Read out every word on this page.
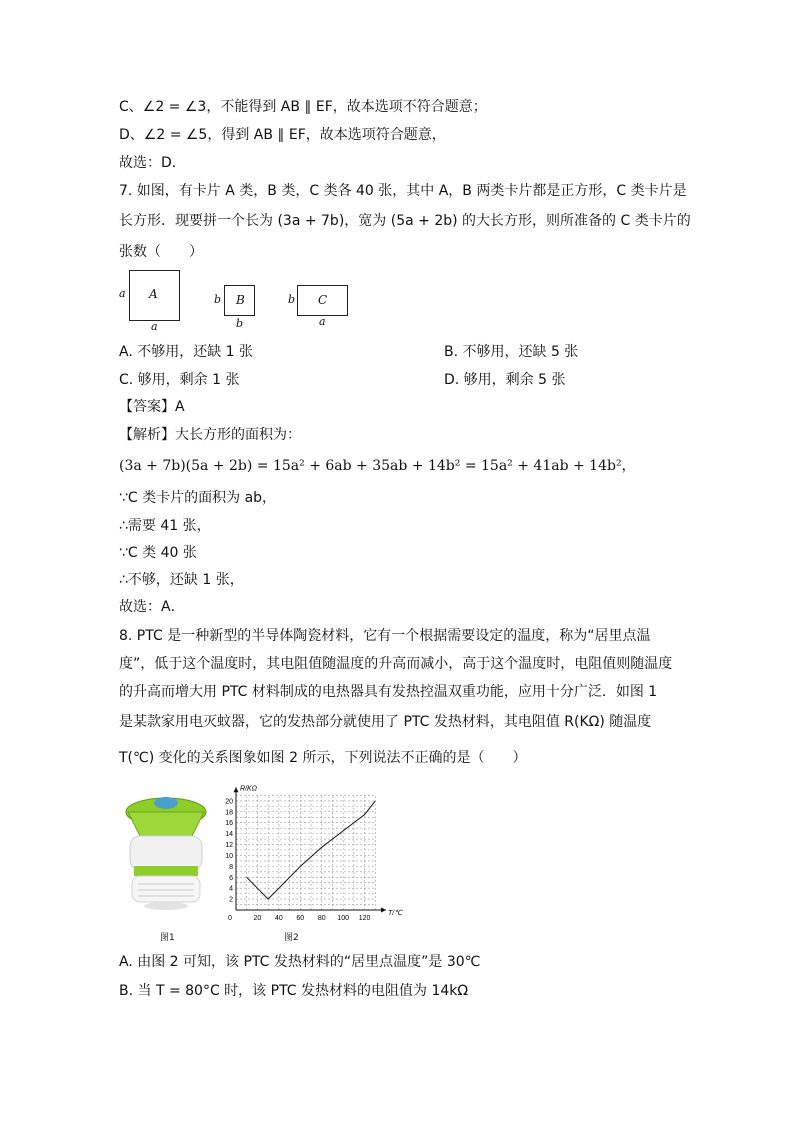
C、∠2 = ∠3，不能得到 AB ∥ EF，故本选项不符合题意；
D、∠2 = ∠5，得到 AB ∥ EF，故本选项符合题意，
故选：D．
7. 如图，有卡片 A 类，B 类，C 类各 40 张，其中 A，B 两类卡片都是正方形，C 类卡片是
长方形．现要拼一个长为 (3a + 7b)，宽为 (5a + 2b) 的大长方形，则所准备的 C 类卡片的
张数（　　）
a A
a
b B
b
b C
a
A. 不够用，还缺 1 张	B. 不够用，还缺 5 张
C. 够用，剩余 1 张	D. 够用，剩余 5 张
【答案】A
【解析】大长方形的面积为：
(3a + 7b)(5a + 2b) = 15a² + 6ab + 35ab + 14b² = 15a² + 41ab + 14b²，
∵C 类卡片的面积为 ab，
∴需要 41 张，
∵C 类 40 张
∴不够，还缺 1 张，
故选：A．
8. PTC 是一种新型的半导体陶瓷材料，它有一个根据需要设定的温度，称为“居里点温
度”，低于这个温度时，其电阻值随温度的升高而减小，高于这个温度时，电阻值则随温度
的升高而增大用 PTC 材料制成的电热器具有发热控温双重功能，应用十分广泛．如图 1
是某款家用电灭蚊器，它的发热部分就使用了 PTC 发热材料，其电阻值 R(KΩ) 随温度
T(℃) 变化的关系图象如图 2 所示，下列说法不正确的是（　　）
图1
0	20 40 60 80 100 120
2
4
6
8
10
12
14
16
18
20
T/℃
R/KΩ
图2
A. 由图 2 可知，该 PTC 发热材料的“居里点温度”是 30℃
B. 当 T = 80°C 时，该 PTC 发热材料的电阻值为 14kΩ
